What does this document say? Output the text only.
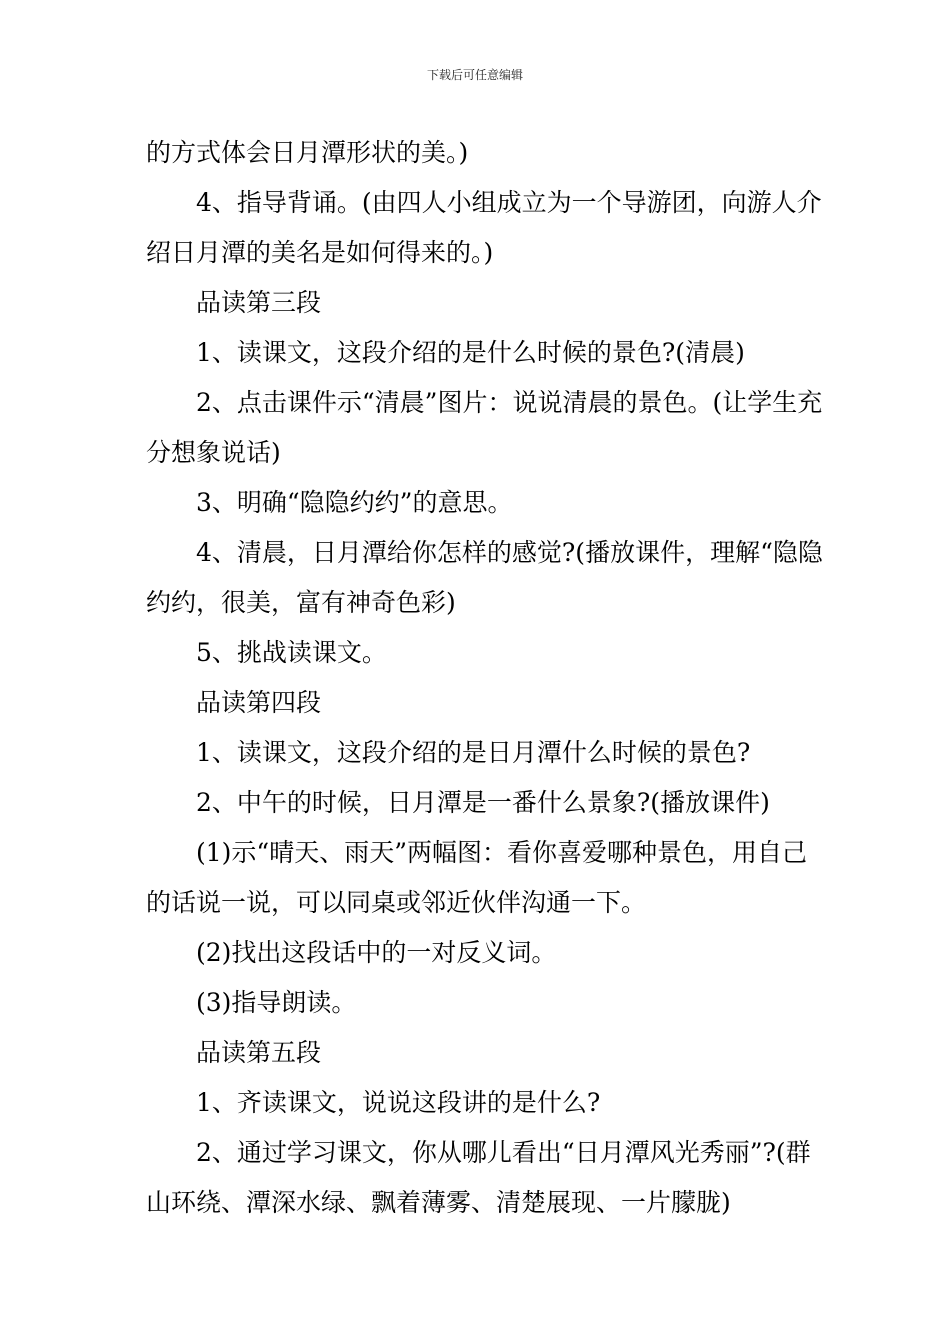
下载后可任意编辑

的方式体会日月潭形状的美。)

4、指导背诵。(由四人小组成立为一个导游团，向游人介绍日月潭的美名是如何得来的。)

品读第三段

1、读课文，这段介绍的是什么时候的景色?(清晨)

2、点击课件示“清晨”图片：说说清晨的景色。(让学生充分想象说话)

3、明确“隐隐约约”的意思。

4、清晨，日月潭给你怎样的感觉?(播放课件，理解“隐隐约约，很美，富有神奇色彩)

5、挑战读课文。

品读第四段

1、读课文，这段介绍的是日月潭什么时候的景色?

2、中午的时候，日月潭是一番什么景象?(播放课件)

(1)示“晴天、雨天”两幅图：看你喜爱哪种景色，用自己的话说一说，可以同桌或邻近伙伴沟通一下。

(2)找出这段话中的一对反义词。

(3)指导朗读。

品读第五段

1、齐读课文，说说这段讲的是什么?

2、通过学习课文，你从哪儿看出“日月潭风光秀丽”?(群山环绕、潭深水绿、飘着薄雾、清楚展现、一片朦胧)
